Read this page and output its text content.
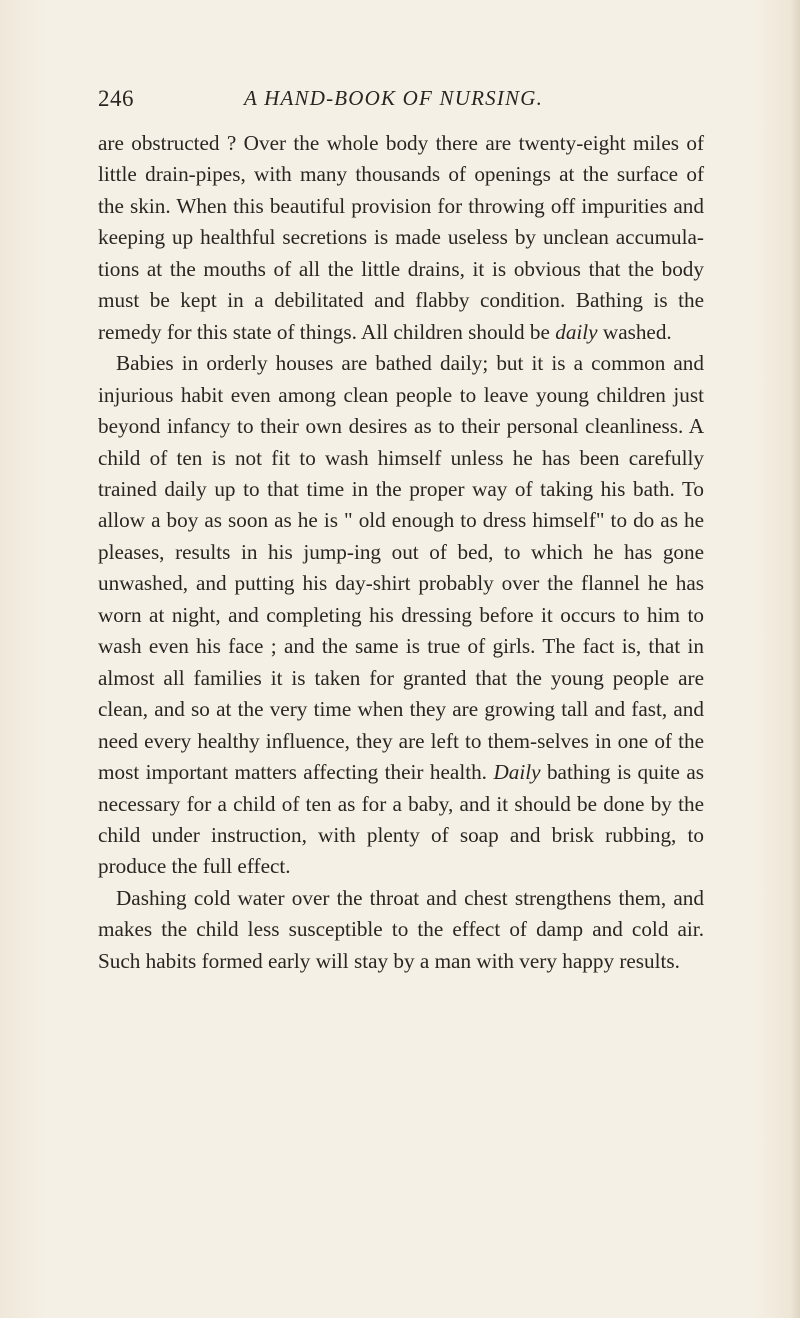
246	A HAND-BOOK OF NURSING.

are obstructed ? Over the whole body there are twenty-eight miles of little drain-pipes, with many thousands of openings at the surface of the skin. When this beautiful provision for throwing off impurities and keeping up healthful secretions is made useless by unclean accumula-tions at the mouths of all the little drains, it is obvious that the body must be kept in a debilitated and flabby condition. Bathing is the remedy for this state of things. All children should be daily washed.

Babies in orderly houses are bathed daily; but it is a common and injurious habit even among clean people to leave young children just beyond infancy to their own desires as to their personal cleanliness. A child of ten is not fit to wash himself unless he has been carefully trained daily up to that time in the proper way of taking his bath. To allow a boy as soon as he is " old enough to dress himself" to do as he pleases, results in his jump-ing out of bed, to which he has gone unwashed, and putting his day-shirt probably over the flannel he has worn at night, and completing his dressing before it occurs to him to wash even his face ; and the same is true of girls. The fact is, that in almost all families it is taken for granted that the young people are clean, and so at the very time when they are growing tall and fast, and need every healthy influence, they are left to them-selves in one of the most important matters affecting their health. Daily bathing is quite as necessary for a child of ten as for a baby, and it should be done by the child under instruction, with plenty of soap and brisk rubbing, to produce the full effect.

Dashing cold water over the throat and chest strengthens them, and makes the child less susceptible to the effect of damp and cold air. Such habits formed early will stay by a man with very happy results.
